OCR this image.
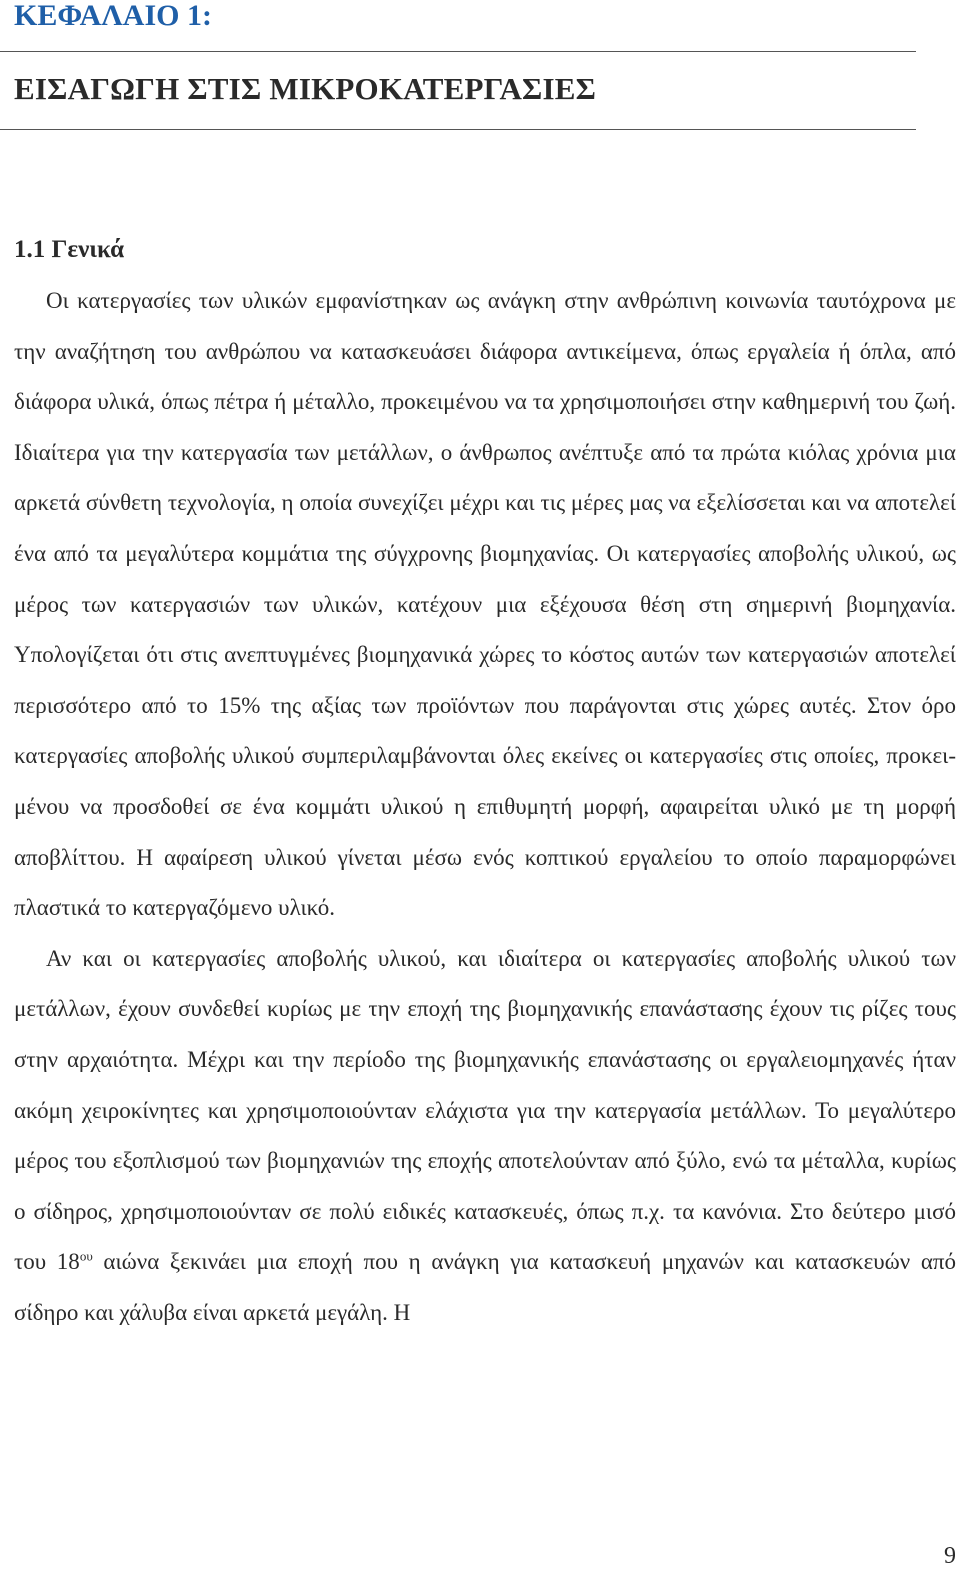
ΚΕΦΑΛΑΙΟ 1:
ΕΙΣΑΓΩΓΗ ΣΤΙΣ ΜΙΚΡΟΚΑΤΕΡΓΑΣΙΕΣ
1.1 Γενικά

Οι κατεργασίες των υλικών εμφανίστηκαν ως ανάγκη στην ανθρώπινη κοινωνία ταυτόχρονα με την αναζήτηση του ανθρώπου να κατασκευάσει διάφορα αντικείμενα, όπως εργαλεία ή όπλα, από διάφορα υλικά, όπως πέτρα ή μέταλλο, προκειμένου να τα χρησιμοποιήσει στην καθημερινή του ζωή. Ιδιαίτερα για την κατεργασία των μετάλλων, ο άνθρωπος ανέπτυξε από τα πρώτα κιόλας χρόνια μια αρκετά σύνθετη τεχνολογία, η οποία συνεχίζει μέχρι και τις μέρες μας να εξελίσσεται και να αποτελεί ένα από τα μεγαλύτερα κομμάτια της σύγχρονης βιομηχανίας. Οι κατεργασίες αποβολής υλικού, ως μέρος των κατεργασιών των υλικών, κατέχουν μια εξέχουσα θέση στη σημερινή βιομηχανία. Υπολογίζεται ότι στις ανεπτυγμένες βιομηχανικά χώρες το κόστος αυτών των κατεργασιών αποτελεί περισσότερο από το 15% της αξίας των προϊόντων που παράγονται στις χώρες αυτές. Στον όρο κατεργασίες αποβολής υλικού συμπεριλαμβάνονται όλες εκείνες οι κατεργασίες στις οποίες, προκειμένου να προσδοθεί σε ένα κομμάτι υλικού η επιθυμητή μορφή, αφαιρείται υλικό με τη μορφή αποβλίττου. Η αφαίρεση υλικού γίνεται μέσω ενός κοπτικού εργαλείου το οποίο παραμορφώνει πλαστικά το κατεργαζόμενο υλικό.

Αν και οι κατεργασίες αποβολής υλικού, και ιδιαίτερα οι κατεργασίες αποβολής υλικού των μετάλλων, έχουν συνδεθεί κυρίως με την εποχή της βιομηχανικής επανάστασης έχουν τις ρίζες τους στην αρχαιότητα. Μέχρι και την περίοδο της βιομηχανικής επανάστασης οι εργαλειομηχανές ήταν ακόμη χειροκίνητες και χρησιμοποιούνταν ελάχιστα για την κατεργασία μετάλλων. Το μεγαλύτερο μέρος του εξοπλισμού των βιομηχανιών της εποχής αποτελούνταν από ξύλο, ενώ τα μέταλλα, κυρίως ο σίδηρος, χρησιμοποιούνταν σε πολύ ειδικές κατασκευές, όπως π.χ. τα κανόνια. Στο δεύτερο μισό του $18^{o\upsilon}$ αιώνα ξεκινάει μια εποχή που η ανάγκη για κατασκευή μηχανών και κατασκευών από σίδηρο και χάλυβα είναι αρκετά μεγάλη. Η

9
